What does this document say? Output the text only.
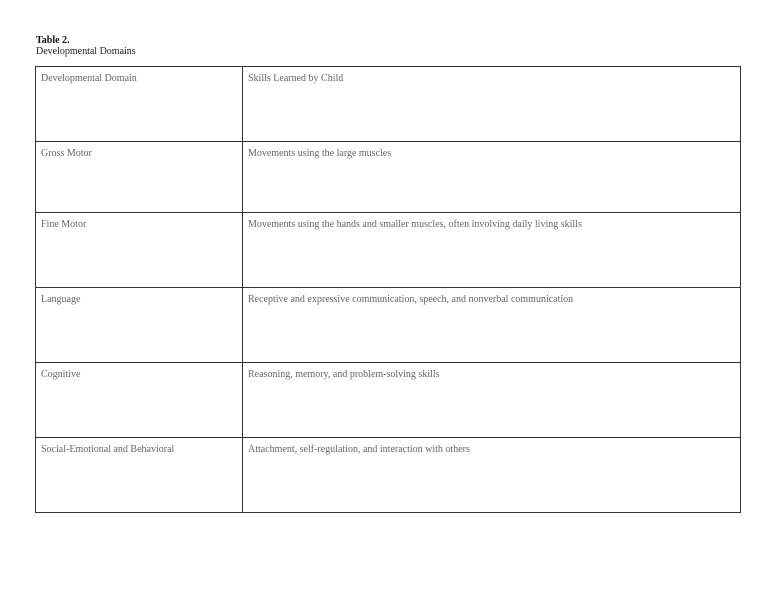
Table 2.
Developmental Domains
Developmental Domain	Skills Learned by Child
Gross Motor	Movements using the large muscles
Fine Motor	Movements using the hands and smaller muscles, often involving daily living skills
Language	Receptive and expressive communication, speech, and nonverbal communication
Cognitive	Reasoning, memory, and problem-solving skills
Social-Emotional and Behavioral	Attachment, self-regulation, and interaction with others
